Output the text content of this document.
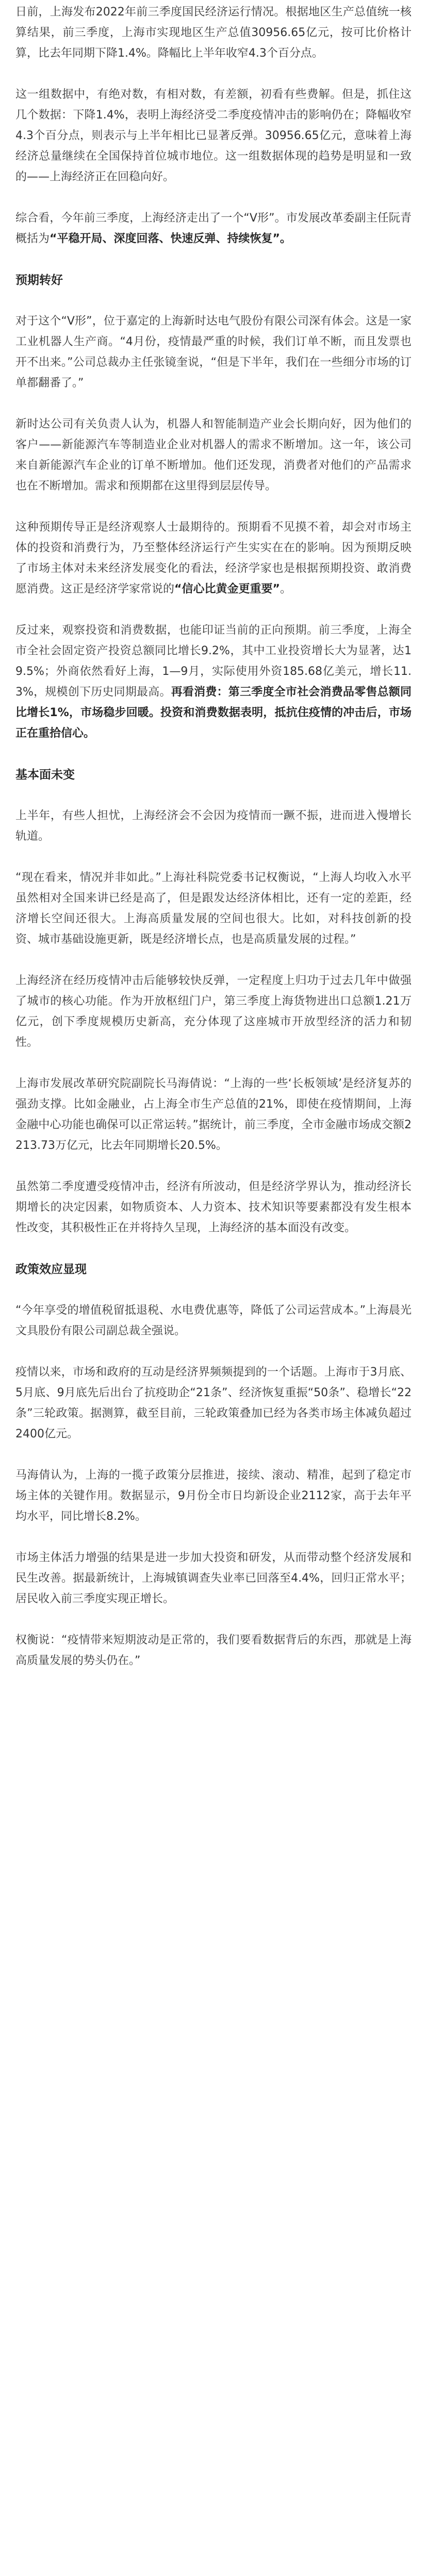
日前，上海发布2022年前三季度国民经济运行情况。根据地区生产总值统一核算结果，前三季度，上海市实现地区生产总值30956.65亿元，按可比价格计算，比去年同期下降1.4%。降幅比上半年收窄4.3个百分点。

这一组数据中，有绝对数，有相对数，有差额，初看有些费解。但是，抓住这几个数据：下降1.4%，表明上海经济受二季度疫情冲击的影响仍在；降幅收窄4.3个百分点，则表示与上半年相比已显著反弹。30956.65亿元，意味着上海经济总量继续在全国保持首位城市地位。这一组数据体现的趋势是明显和一致的——上海经济正在回稳向好。

综合看，今年前三季度，上海经济走出了一个“V形”。市发展改革委副主任阮青概括为“平稳开局、深度回落、快速反弹、持续恢复”。

预期转好

对于这个“V形”，位于嘉定的上海新时达电气股份有限公司深有体会。这是一家工业机器人生产商。“4月份，疫情最严重的时候，我们订单不断，而且发票也开不出来。”公司总裁办主任张镜奎说，“但是下半年，我们在一些细分市场的订单都翻番了。”

新时达公司有关负责人认为，机器人和智能制造产业会长期向好，因为他们的客户——新能源汽车等制造业企业对机器人的需求不断增加。这一年，该公司来自新能源汽车企业的订单不断增加。他们还发现，消费者对他们的产品需求也在不断增加。需求和预期都在这里得到层层传导。

这种预期传导正是经济观察人士最期待的。预期看不见摸不着，却会对市场主体的投资和消费行为，乃至整体经济运行产生实实在在的影响。因为预期反映了市场主体对未来经济发展变化的看法，经济学家也是根据预期投资、敢消费愿消费。这正是经济学家常说的“信心比黄金更重要”。

反过来，观察投资和消费数据，也能印证当前的正向预期。前三季度，上海全市全社会固定资产投资总额同比增长9.2%，其中工业投资增长大为显著，达19.5%；外商依然看好上海，1—9月，实际使用外资185.68亿美元，增长11.3%，规模创下历史同期最高。再看消费：第三季度全市社会消费品零售总额同比增长1%，市场稳步回暖。投资和消费数据表明，抵抗住疫情的冲击后，市场正在重拾信心。

基本面未变

上半年，有些人担忧，上海经济会不会因为疫情而一蹶不振，进而进入慢增长轨道。

“现在看来，情况并非如此。”上海社科院党委书记权衡说，“上海人均收入水平虽然相对全国来讲已经是高了，但是跟发达经济体相比，还有一定的差距，经济增长空间还很大。上海高质量发展的空间也很大。比如，对科技创新的投资、城市基础设施更新，既是经济增长点，也是高质量发展的过程。”

上海经济在经历疫情冲击后能够较快反弹，一定程度上归功于过去几年中做强了城市的核心功能。作为开放枢纽门户，第三季度上海货物进出口总额1.21万亿元，创下季度规模历史新高，充分体现了这座城市开放型经济的活力和韧性。

上海市发展改革研究院副院长马海倩说：“上海的一些‘长板领域’是经济复苏的强劲支撑。比如金融业，占上海全市生产总值的21%，即使在疫情期间，上海金融中心功能也确保可以正常运转。”据统计，前三季度，全市金融市场成交额2213.73万亿元，比去年同期增长20.5%。

虽然第二季度遭受疫情冲击，经济有所波动，但是经济学界认为，推动经济长期增长的决定因素，如物质资本、人力资本、技术知识等要素都没有发生根本性改变，其积极性正在并将持久呈现，上海经济的基本面没有改变。

政策效应显现

“今年享受的增值税留抵退税、水电费优惠等，降低了公司运营成本。”上海晨光文具股份有限公司副总裁全强说。

疫情以来，市场和政府的互动是经济界频频提到的一个话题。上海市于3月底、5月底、9月底先后出台了抗疫助企“21条”、经济恢复重振“50条”、稳增长“22条”三轮政策。据测算，截至目前，三轮政策叠加已经为各类市场主体减负超过2400亿元。

马海倩认为，上海的一揽子政策分层推进，接续、滚动、精准，起到了稳定市场主体的关键作用。数据显示，9月份全市日均新设企业2112家，高于去年平均水平，同比增长8.2%。

市场主体活力增强的结果是进一步加大投资和研发，从而带动整个经济发展和民生改善。据最新统计，上海城镇调查失业率已回落至4.4%，回归正常水平；居民收入前三季度实现正增长。

权衡说：“疫情带来短期波动是正常的，我们要看数据背后的东西，那就是上海高质量发展的势头仍在。”
